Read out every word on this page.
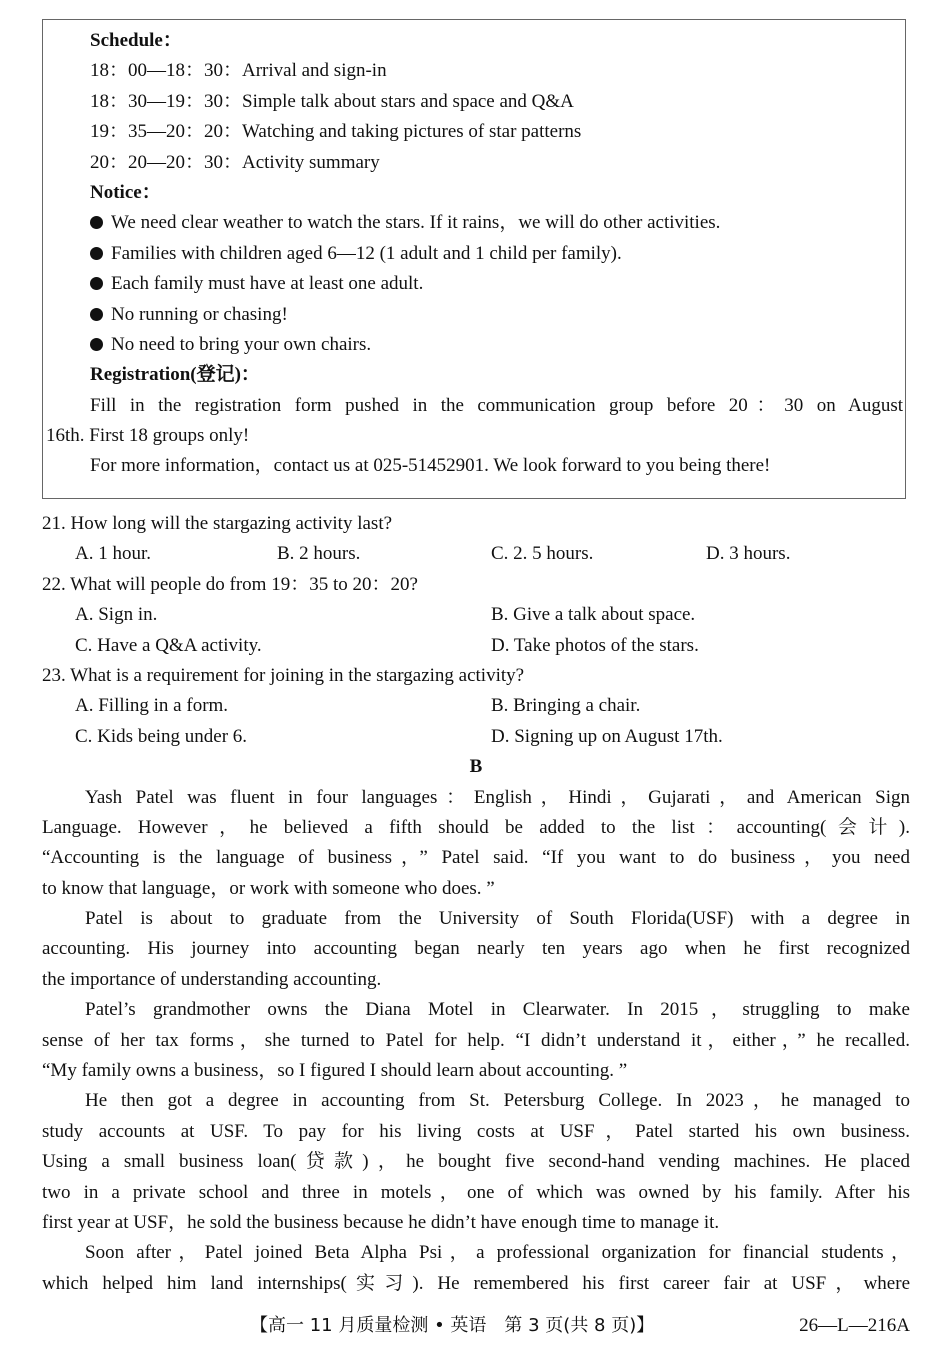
Schedule：
18：00—18：30：Arrival and sign-in
18：30—19：30：Simple talk about stars and space and Q&A
19：35—20：20：Watching and taking pictures of star patterns
20：20—20：30：Activity summary
Notice：
We need clear weather to watch the stars. If it rains，we will do other activities.
Families with children aged 6—12 (1 adult and 1 child per family).
Each family must have at least one adult.
No running or chasing!
No need to bring your own chairs.
Registration(登记)：
Fill in the registration form pushed in the communication group before 20：30 on August
16th. First 18 groups only!
For more information，contact us at 025-51452901. We look forward to you being there!
21. How long will the stargazing activity last?
A. 1 hour.	B. 2 hours.	C. 2. 5 hours.	D. 3 hours.
22. What will people do from 19：35 to 20：20?
A. Sign in.	B. Give a talk about space.
C. Have a Q&A activity.	D. Take photos of the stars.
23. What is a requirement for joining in the stargazing activity?
A. Filling in a form.	B. Bringing a chair.
C. Kids being under 6.	D. Signing up on August 17th.
B
Yash Patel was fluent in four languages：English，Hindi，Gujarati，and American Sign
Language. However，he believed a fifth should be added to the list：accounting(会计).
“Accounting is the language of business，” Patel said. “If you want to do business，you need
to know that language，or work with someone who does. ”
Patel is about to graduate from the University of South Florida(USF) with a degree in
accounting. His journey into accounting began nearly ten years ago when he first recognized
the importance of understanding accounting.
Patel’s grandmother owns the Diana Motel in Clearwater. In 2015，struggling to make
sense of her tax forms，she turned to Patel for help. “I didn’t understand it，either，” he recalled.
“My family owns a business，so I figured I should learn about accounting. ”
He then got a degree in accounting from St. Petersburg College. In 2023，he managed to
study accounts at USF. To pay for his living costs at USF，Patel started his own business.
Using a small business loan(贷款)，he bought five second-hand vending machines. He placed
two in a private school and three in motels，one of which was owned by his family. After his
first year at USF，he sold the business because he didn’t have enough time to manage it.
Soon after，Patel joined Beta Alpha Psi，a professional organization for financial students，
which helped him land internships(实习). He remembered his first career fair at USF，where
【高一 11 月质量检测 • 英语　第 3 页(共 8 页)】	26—L—216A
